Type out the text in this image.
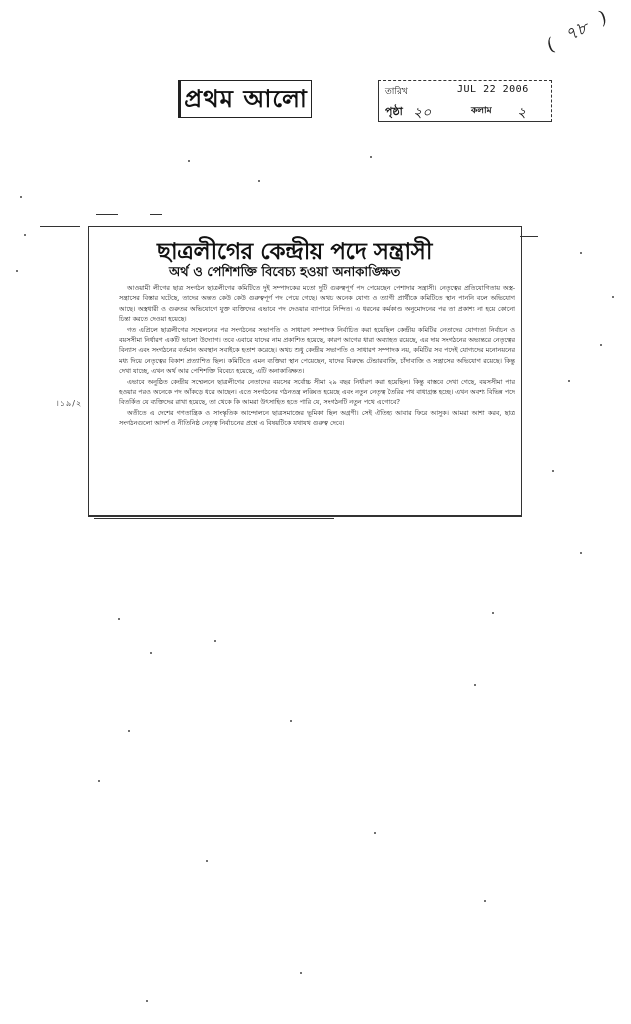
( ৭৮ )
প্রথম আলো	তারিখ	JUL 22 2006
পৃষ্ঠা ২০	কলাম ২
ছাত্রলীগের কেন্দ্রীয় পদে সন্ত্রাসী
অর্থ ও পেশিশক্তি বিবেচ্য হওয়া অনাকাঙ্ক্ষিত

আওয়ামী লীগের ছাত্র সংগঠন ছাত্রলীগের কমিটিতে দুই সম্পাদকের মতো দুটি গুরুত্বপূর্ণ পদ পেয়েছেন পেশাদার সন্ত্রাসী। নেতৃত্বের প্রতিযোগিতায় অস্ত্র-সন্ত্রাসের বিস্তার ঘটেছে, তাদের অন্তত কেউ কেউ গুরুত্বপূর্ণ পদ পেয়ে গেছে। অথচ অনেক যোগ্য ও ত্যাগী প্রার্থীকে কমিটিতে স্থান পাননি বলে অভিযোগ আছে। অস্ত্রধারী ও গুরুতর অভিযোগে যুক্ত ব্যক্তিদের এভাবে পদ দেওয়ার ব্যাপারে নিন্দিত। এ ধরনের কর্মকাণ্ড অনুমোদনের পর তা প্রকাশ্য না হয়ে কোনো চিন্তা করতে দেওয়া হয়েছে।

গত এপ্রিলে ছাত্রলীগের সম্মেলনের পর সংগঠনের সভাপতি ও সাধারণ সম্পাদক নির্বাচিত করা হয়েছিল কেন্দ্রীয় কমিটির নেতাদের যোগ্যতা নির্বাচন ও বয়সসীমা নির্ধারণ একটি ভালো উদ্যোগ। তবে এবারে যাদের নাম প্রকাশিত হয়েছে, কারণ আগের ধারা অব্যাহত রয়েছে, এর দায় সংগঠনের অভ্যন্তরে নেতৃত্বের বিন্যাস এবং সংগঠনের বর্তমান অবস্থান সবাইকে হতাশ করেছে। অথচ শুধু কেন্দ্রীয় সভাপতি ও সাধারণ সম্পাদক নয়, কমিটির সব পদেই যোগ্যদের মনোনয়নের মধ্য দিয়ে নেতৃত্বের বিকাশ প্রত্যাশিত ছিল। কমিটিতে এমন ব্যক্তিরা স্থান পেয়েছেন, যাদের বিরুদ্ধে টেন্ডারবাজি, চাঁদাবাজি ও সন্ত্রাসের অভিযোগ রয়েছে। কিন্তু দেখা যাচ্ছে, এখন অর্থ আর পেশিশক্তি বিবেচ্য হয়েছে, এটি অনাকাঙ্ক্ষিত।

এভাবে অনুষ্ঠিত কেন্দ্রীয় সম্মেলনে ছাত্রলীগের নেতাদের বয়সের সর্বোচ্চ সীমা ২৯ বছর নির্ধারণ করা হয়েছিল। কিন্তু বাস্তবে দেখা গেছে, বয়সসীমা পার হওয়ার পরও অনেকে পদ আঁকড়ে ধরে আছেন। এতে সংগঠনের গঠনতন্ত্র লঙ্ঘিত হয়েছে এবং নতুন নেতৃত্ব তৈরির পথ বাধাগ্রস্ত হচ্ছে। এখন অবশ্য বিভিন্ন পদে বিতর্কিত যে ব্যক্তিদের রাখা হয়েছে, তা থেকে কি আমরা উৎসাহিত হতে পারি যে, সংগঠনটি নতুন পথে এগোবে?

অতীতে এ দেশের গণতান্ত্রিক ও সাংস্কৃতিক আন্দোলনে ছাত্রসমাজের ভূমিকা ছিল অগ্রণী। সেই ঐতিহ্য আবার ফিরে আসুক। আমরা আশা করব, ছাত্র সংগঠনগুলো আদর্শ ও নীতিনিষ্ঠ নেতৃত্ব নির্বাচনের প্রশ্নে এ বিষয়টিকে যথাযথ গুরুত্ব দেবে।

।১৯/২
